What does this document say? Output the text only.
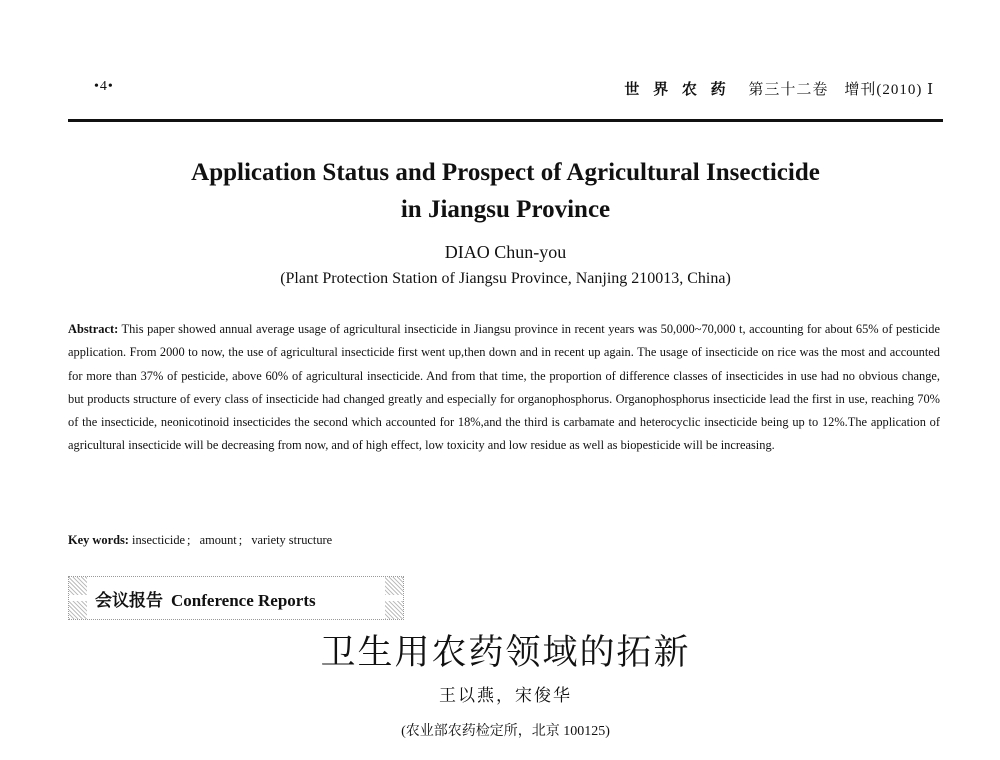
•4•	世 界 农 药 第三十二卷　增刊(2010) Ⅰ
Application Status and Prospect of Agricultural Insecticide
in Jiangsu Province
DIAO Chun-you
(Plant Protection Station of Jiangsu Province, Nanjing 210013, China)

Abstract: This paper showed annual average usage of agricultural insecticide in Jiangsu province in recent years was 50,000~70,000 t, accounting for about 65% of pesticide application. From 2000 to now, the use of agricultural insecticide first went up,then down and in recent up again. The usage of insecticide on rice was the most and accounted for more than 37% of pesticide, above 60% of agricultural insecticide. And from that time, the proportion of difference classes of insecticides in use had no obvious change, but products structure of every class of insecticide had changed greatly and especially for organophosphorus. Organophosphorus insecticide lead the first in use, reaching 70% of the insecticide, neonicotinoid insecticides the second which accounted for 18%,and the third is carbamate and heterocyclic insecticide being up to 12%.The application of agricultural insecticide will be decreasing from now, and of high effect, low toxicity and low residue as well as biopesticide will be increasing.

Key words: insecticide ; amount ; variety structure
会议报告 Conference Reports
卫生用农药领域的拓新
王以燕，宋俊华
(农业部农药检定所，北京 100125)
